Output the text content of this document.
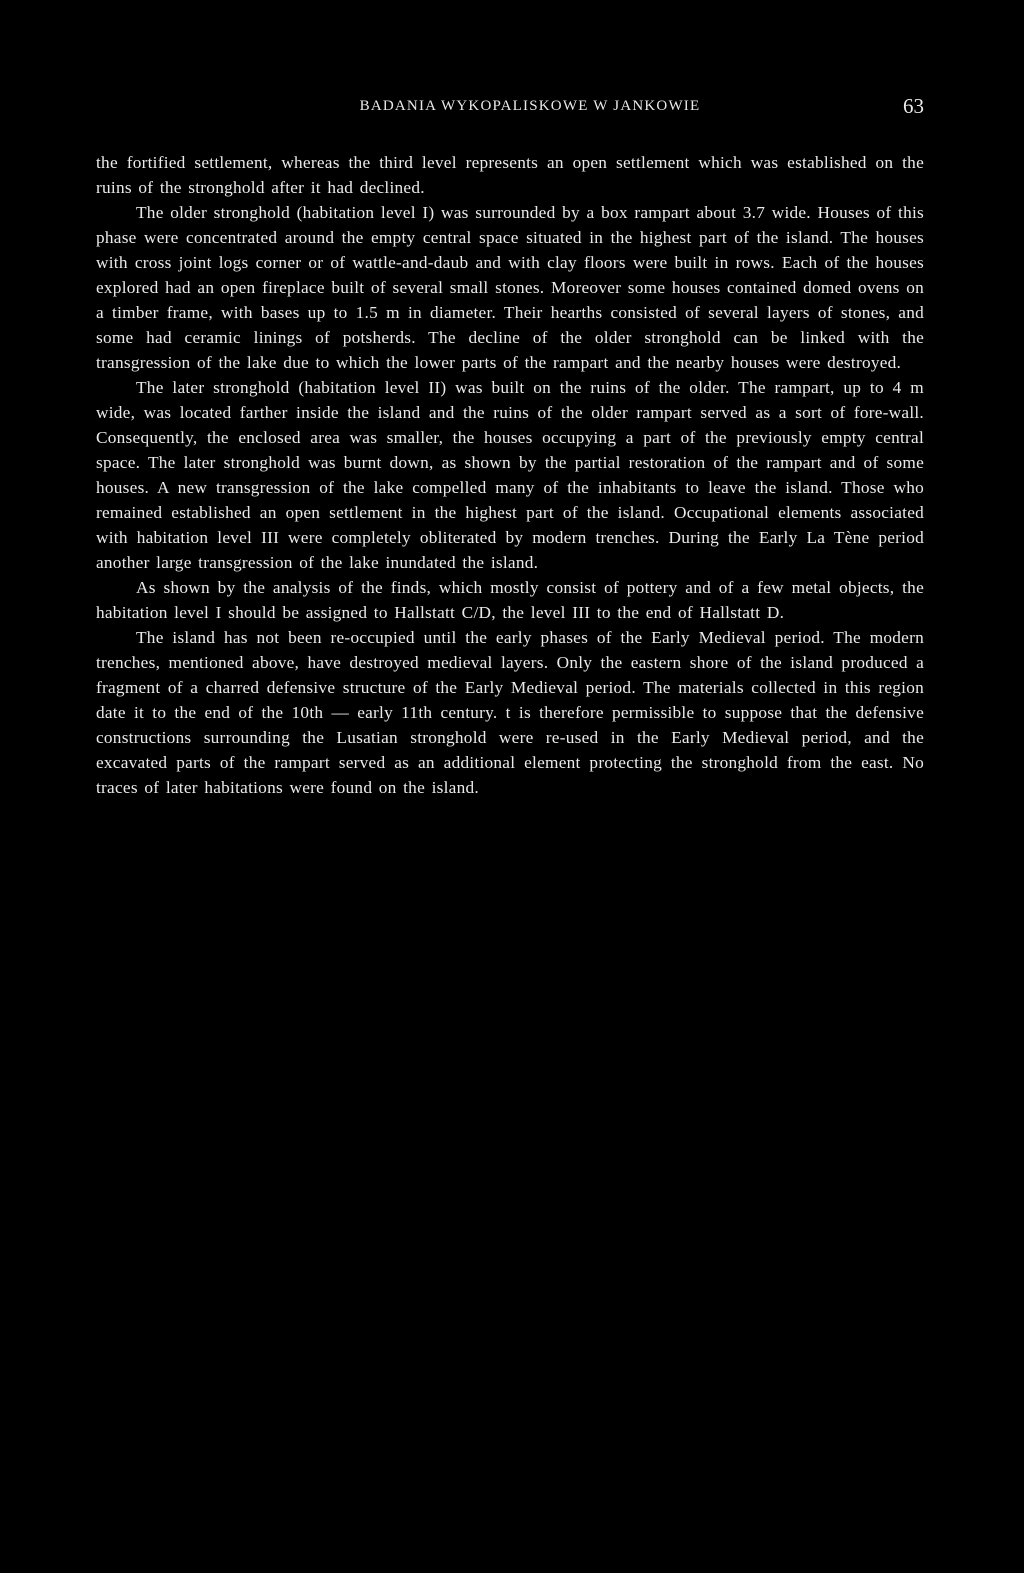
BADANIA WYKOPALISKOWE W JANKOWIE	63

the fortified settlement, whereas the third level represents an open settlement which was established on the ruins of the stronghold after it had declined.

The older stronghold (habitation level I) was surrounded by a box rampart about 3.7 wide. Houses of this phase were concentrated around the empty central space situated in the highest part of the island. The houses with cross joint logs corner or of wattle-and-daub and with clay floors were built in rows. Each of the houses explored had an open fireplace built of several small stones. Moreover some houses contained domed ovens on a timber frame, with bases up to 1.5 m in diameter. Their hearths consisted of several layers of stones, and some had ceramic linings of potsherds. The decline of the older stronghold can be linked with the transgression of the lake due to which the lower parts of the rampart and the nearby houses were destroyed.

The later stronghold (habitation level II) was built on the ruins of the older. The rampart, up to 4 m wide, was located farther inside the island and the ruins of the older rampart served as a sort of fore-wall. Consequently, the enclosed area was smaller, the houses occupying a part of the previously empty central space. The later stronghold was burnt down, as shown by the partial restoration of the rampart and of some houses. A new transgression of the lake compelled many of the inhabitants to leave the island. Those who remained established an open settlement in the highest part of the island. Occupational elements associated with habitation level III were completely obliterated by modern trenches. During the Early La Tène period another large transgression of the lake inundated the island.

As shown by the analysis of the finds, which mostly consist of pottery and of a few metal objects, the habitation level I should be assigned to Hallstatt C/D, the level III to the end of Hallstatt D.

The island has not been re-occupied until the early phases of the Early Medieval period. The modern trenches, mentioned above, have destroyed medieval layers. Only the eastern shore of the island produced a fragment of a charred defensive structure of the Early Medieval period. The materials collected in this region date it to the end of the 10th — early 11th century. t is therefore permissible to suppose that the defensive constructions surrounding the Lusatian stronghold were re-used in the Early Medieval period, and the excavated parts of the rampart served as an additional element protecting the stronghold from the east. No traces of later habitations were found on the island.
